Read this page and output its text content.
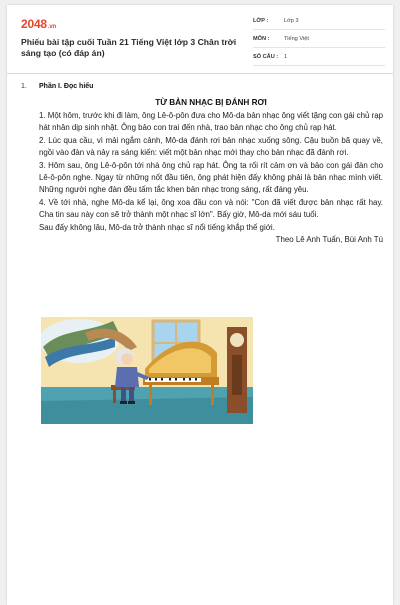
2048.vn
Phiếu bài tập cuối Tuần 21 Tiếng Việt lớp 3 Chân trời sáng tạo (có đáp án)
LỚP :	Lớp 3
MÔN :	Tiếng Việt
SỐ CÂU : 1
1. Phần I. Đọc hiểu
TỪ BẢN NHẠC BỊ ĐÁNH RƠI

1. Một hôm, trước khi đi làm, ông Lê-ô-pôn đưa cho Mô-da bản nhạc ông viết tặng con gái chủ rạp hát nhân dịp sinh nhật. Ông bảo con trai đến nhà, trao bản nhạc cho ông chủ rạp hát.

2. Lúc qua cầu, vì mải ngắm cảnh, Mô-da đánh rơi bản nhạc xuống sông. Cậu buồn bã quay về, ngồi vào đàn và nảy ra sáng kiến: viết một bản nhạc mới thay cho bản nhạc đã đánh rơi.

3. Hôm sau, ông Lê-ô-pôn tới nhà ông chủ rạp hát. Ông ta rối rít cảm ơn và bảo con gái đàn cho Lê-ô-pôn nghe. Ngay từ những nốt đầu tiên, ông phát hiện đấy không phải là bản nhạc mình viết. Những người nghe đàn đều tấm tắc khen bản nhạc trong sáng, rất đáng yêu.

4. Về tới nhà, nghe Mô-da kể lại, ông xoa đầu con và nói: "Con đã viết được bản nhạc rất hay. Cha tin sau này con sẽ trở thành một nhạc sĩ lớn". Bấy giờ, Mô-da mới sáu tuổi.

Sau đấy không lâu, Mô-da trở thành nhạc sĩ nổi tiếng khắp thế giới.

Theo Lê Anh Tuấn, Bùi Anh Tú
